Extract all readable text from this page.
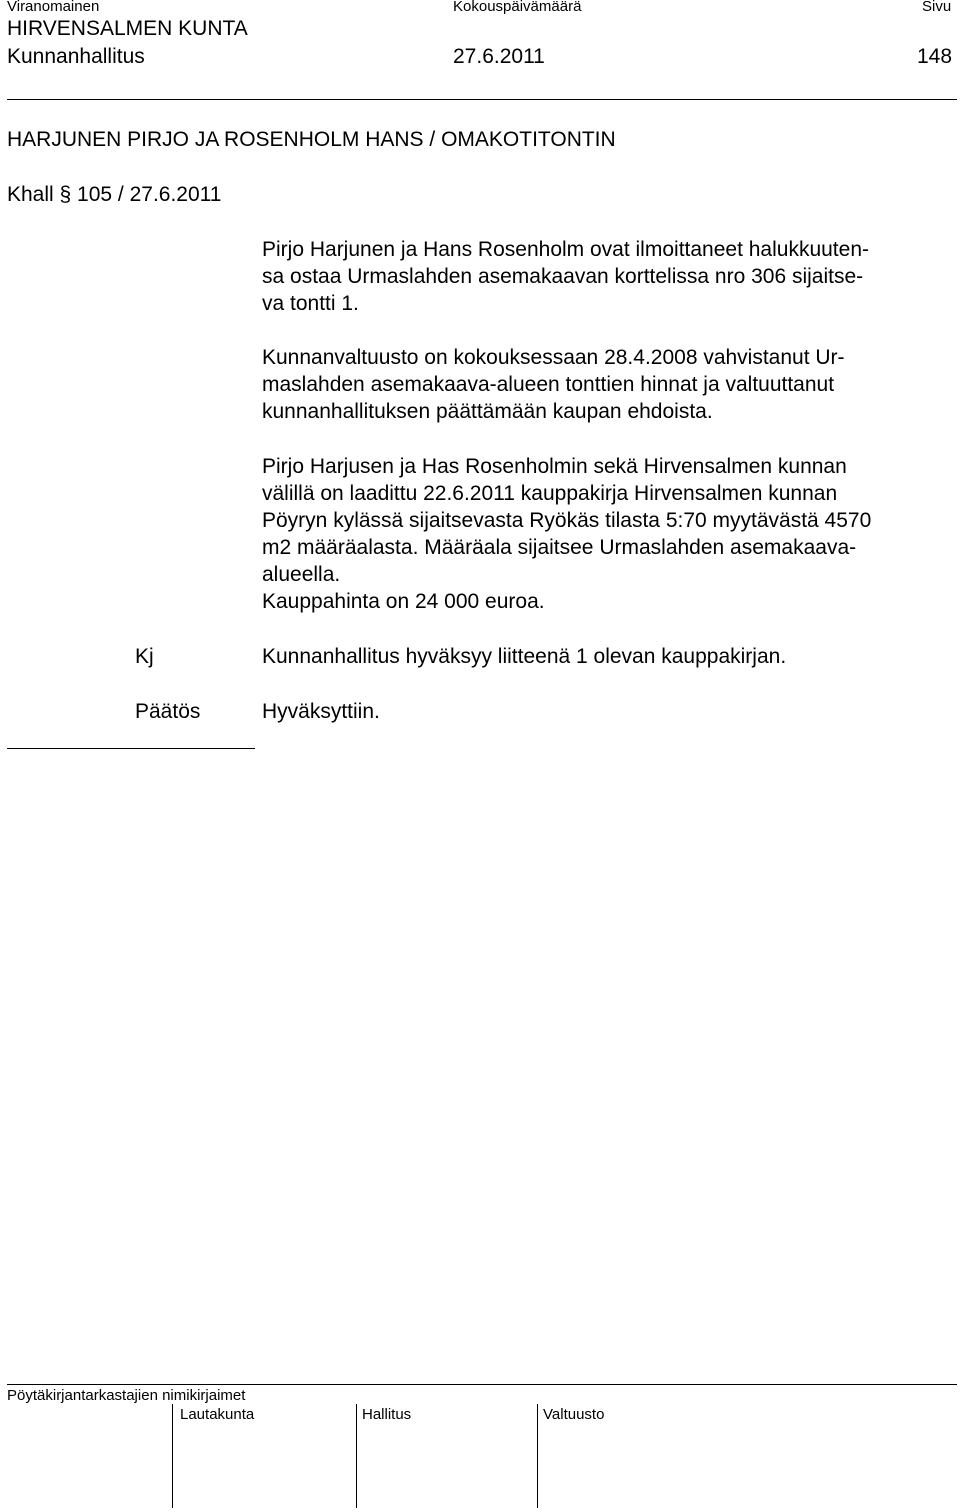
Viranomainen	Kokouspäivämäärä	Sivu
HIRVENSALMEN KUNTA
Kunnanhallitus	27.6.2011	148
HARJUNEN PIRJO JA ROSENHOLM HANS / OMAKOTITONTIN
Khall § 105 / 27.6.2011
Pirjo Harjunen ja Hans Rosenholm ovat ilmoittaneet halukkuuten-
sa ostaa Urmaslahden asemakaavan korttelissa nro 306 sijaitse-
va tontti 1.
Kunnanvaltuusto on kokouksessaan 28.4.2008 vahvistanut Ur-
maslahden asemakaava-alueen tonttien hinnat ja valtuuttanut
kunnanhallituksen päättämään kaupan ehdoista.
Pirjo Harjusen ja Has Rosenholmin sekä Hirvensalmen kunnan
välillä on laadittu 22.6.2011 kauppakirja Hirvensalmen kunnan
Pöyryn kylässä sijaitsevasta Ryökäs tilasta 5:70 myytävästä 4570
m2 määräalasta. Määräala sijaitsee Urmaslahden asemakaava-
alueella.
Kauppahinta on 24 000 euroa.
Kj	Kunnanhallitus hyväksyy liitteenä 1 olevan kauppakirjan.
Päätös	Hyväksyttiin.
Pöytäkirjantarkastajien nimikirjaimet
Lautakunta	Hallitus	Valtuusto
